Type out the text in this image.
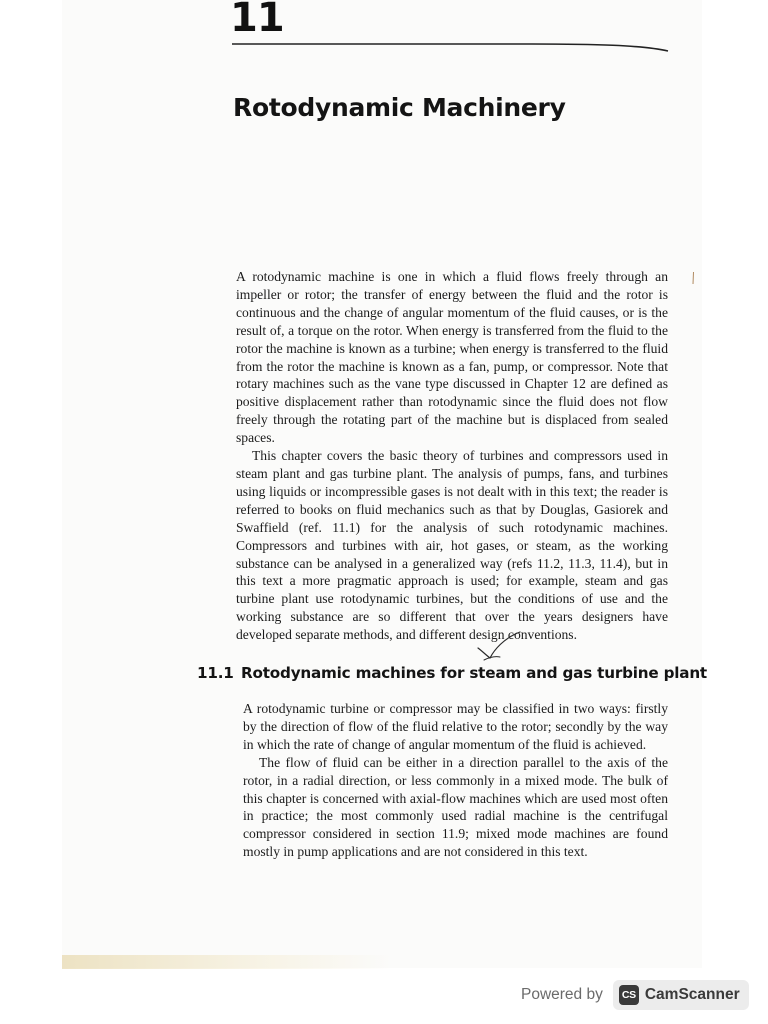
11
Rotodynamic Machinery

A rotodynamic machine is one in which a fluid flows freely through an impeller or rotor; the transfer of energy between the fluid and the rotor is continuous and the change of angular momentum of the fluid causes, or is the result of, a torque on the rotor. When energy is transferred from the fluid to the rotor the machine is known as a turbine; when energy is transferred to the fluid from the rotor the machine is known as a fan, pump, or compressor. Note that rotary machines such as the vane type discussed in Chapter 12 are defined as positive displacement rather than rotodynamic since the fluid does not flow freely through the rotating part of the machine but is displaced from sealed spaces.

This chapter covers the basic theory of turbines and compressors used in steam plant and gas turbine plant. The analysis of pumps, fans, and turbines using liquids or incompressible gases is not dealt with in this text; the reader is referred to books on fluid mechanics such as that by Douglas, Gasiorek and Swaffield (ref. 11.1) for the analysis of such rotodynamic machines. Compressors and turbines with air, hot gases, or steam, as the working substance can be analysed in a generalized way (refs 11.2, 11.3, 11.4), but in this text a more pragmatic approach is used; for example, steam and gas turbine plant use rotodynamic turbines, but the conditions of use and the working substance are so different that over the years designers have developed separate methods, and different design conventions.

11.1 Rotodynamic machines for steam and gas turbine plant

A rotodynamic turbine or compressor may be classified in two ways: firstly by the direction of flow of the fluid relative to the rotor; secondly by the way in which the rate of change of angular momentum of the fluid is achieved.

The flow of fluid can be either in a direction parallel to the axis of the rotor, in a radial direction, or less commonly in a mixed mode. The bulk of this chapter is concerned with axial-flow machines which are used most often in practice; the most commonly used radial machine is the centrifugal compressor considered in section 11.9; mixed mode machines are found mostly in pump applications and are not considered in this text.

Powered by CS CamScanner
